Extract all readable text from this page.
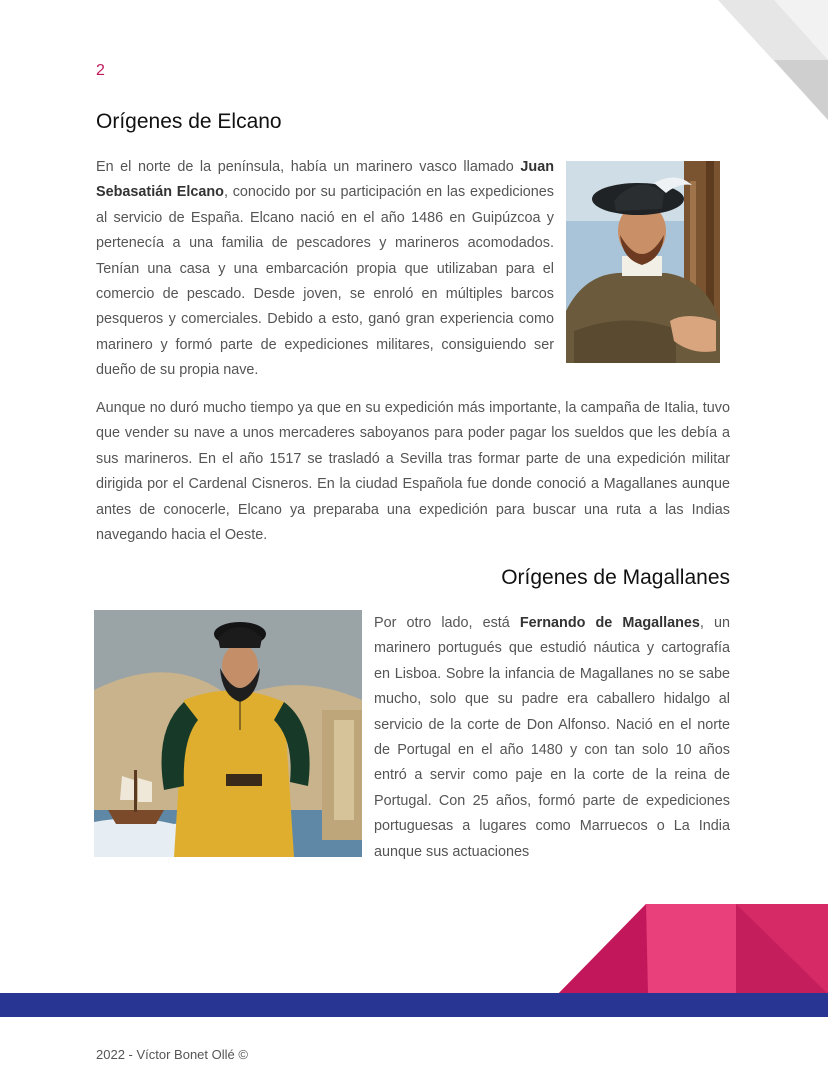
2
Orígenes de Elcano

En el norte de la península, había un marinero vasco llamado Juan Sebasatián Elcano, conocido por su participación en las expediciones al servicio de España. Elcano nació en el año 1486 en Guipúzcoa y pertenecía a una familia de pescadores y marineros acomodados. Tenían una casa y una embarcación propia que utilizaban para el comercio de pescado. Desde joven, se enroló en múltiples barcos pesqueros y comerciales. Debido a esto, ganó gran experiencia como marinero y formó parte de expediciones militares, consiguiendo ser dueño de su propia nave.

Aunque no duró mucho tiempo ya que en su expedición más importante, la campaña de Italia, tuvo que vender su nave a unos mercaderes saboyanos para poder pagar los sueldos que les debía a sus marineros. En el año 1517 se trasladó a Sevilla tras formar parte de una expedición militar dirigida por el Cardenal Cisneros. En la ciudad Española fue donde conoció a Magallanes aunque antes de conocerle, Elcano ya preparaba una expedición para buscar una ruta a las Indias navegando hacia el Oeste.

Orígenes de Magallanes

Por otro lado, está Fernando de Magallanes, un marinero portugués que estudió náutica y cartografía en Lisboa. Sobre la infancia de Magallanes no se sabe mucho, solo que su padre era caballero hidalgo al servicio de la corte de Don Alfonso. Nació en el norte de Portugal en el año 1480 y con tan solo 10 años entró a servir como paje en la corte de la reina de Portugal. Con 25 años, formó parte de expediciones portuguesas a lugares como Marruecos o La India aunque sus actuaciones

2022 - Víctor Bonet Ollé ©
